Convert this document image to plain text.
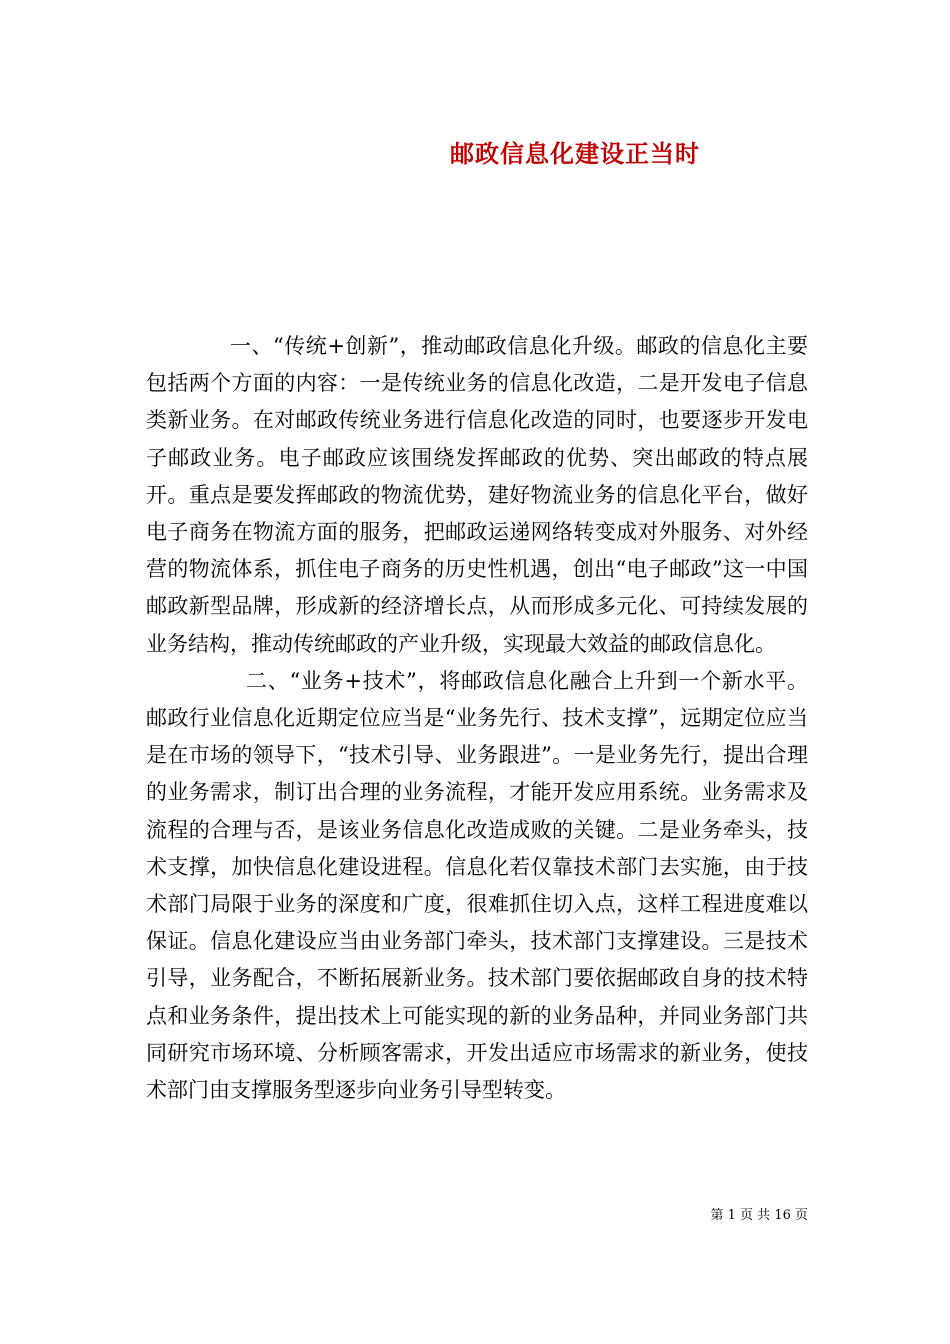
邮政信息化建设正当时

一、“传统+创新”，推动邮政信息化升级。邮政的信息化主要包括两个方面的内容：一是传统业务的信息化改造，二是开发电子信息类新业务。在对邮政传统业务进行信息化改造的同时，也要逐步开发电子邮政业务。电子邮政应该围绕发挥邮政的优势、突出邮政的特点展开。重点是要发挥邮政的物流优势，建好物流业务的信息化平台，做好电子商务在物流方面的服务，把邮政运递网络转变成对外服务、对外经营的物流体系，抓住电子商务的历史性机遇，创出“电子邮政”这一中国邮政新型品牌，形成新的经济增长点，从而形成多元化、可持续发展的业务结构，推动传统邮政的产业升级，实现最大效益的邮政信息化。

二、“业务+技术”，将邮政信息化融合上升到一个新水平。邮政行业信息化近期定位应当是“业务先行、技术支撑”，远期定位应当是在市场的领导下，“技术引导、业务跟进”。一是业务先行，提出合理的业务需求，制订出合理的业务流程，才能开发应用系统。业务需求及流程的合理与否，是该业务信息化改造成败的关键。二是业务牵头，技术支撑，加快信息化建设进程。信息化若仅靠技术部门去实施，由于技术部门局限于业务的深度和广度，很难抓住切入点，这样工程进度难以保证。信息化建设应当由业务部门牵头，技术部门支撑建设。三是技术引导，业务配合，不断拓展新业务。技术部门要依据邮政自身的技术特点和业务条件，提出技术上可能实现的新的业务品种，并同业务部门共同研究市场环境、分析顾客需求，开发出适应市场需求的新业务，使技术部门由支撑服务型逐步向业务引导型转变。

第 1 页 共 16 页
